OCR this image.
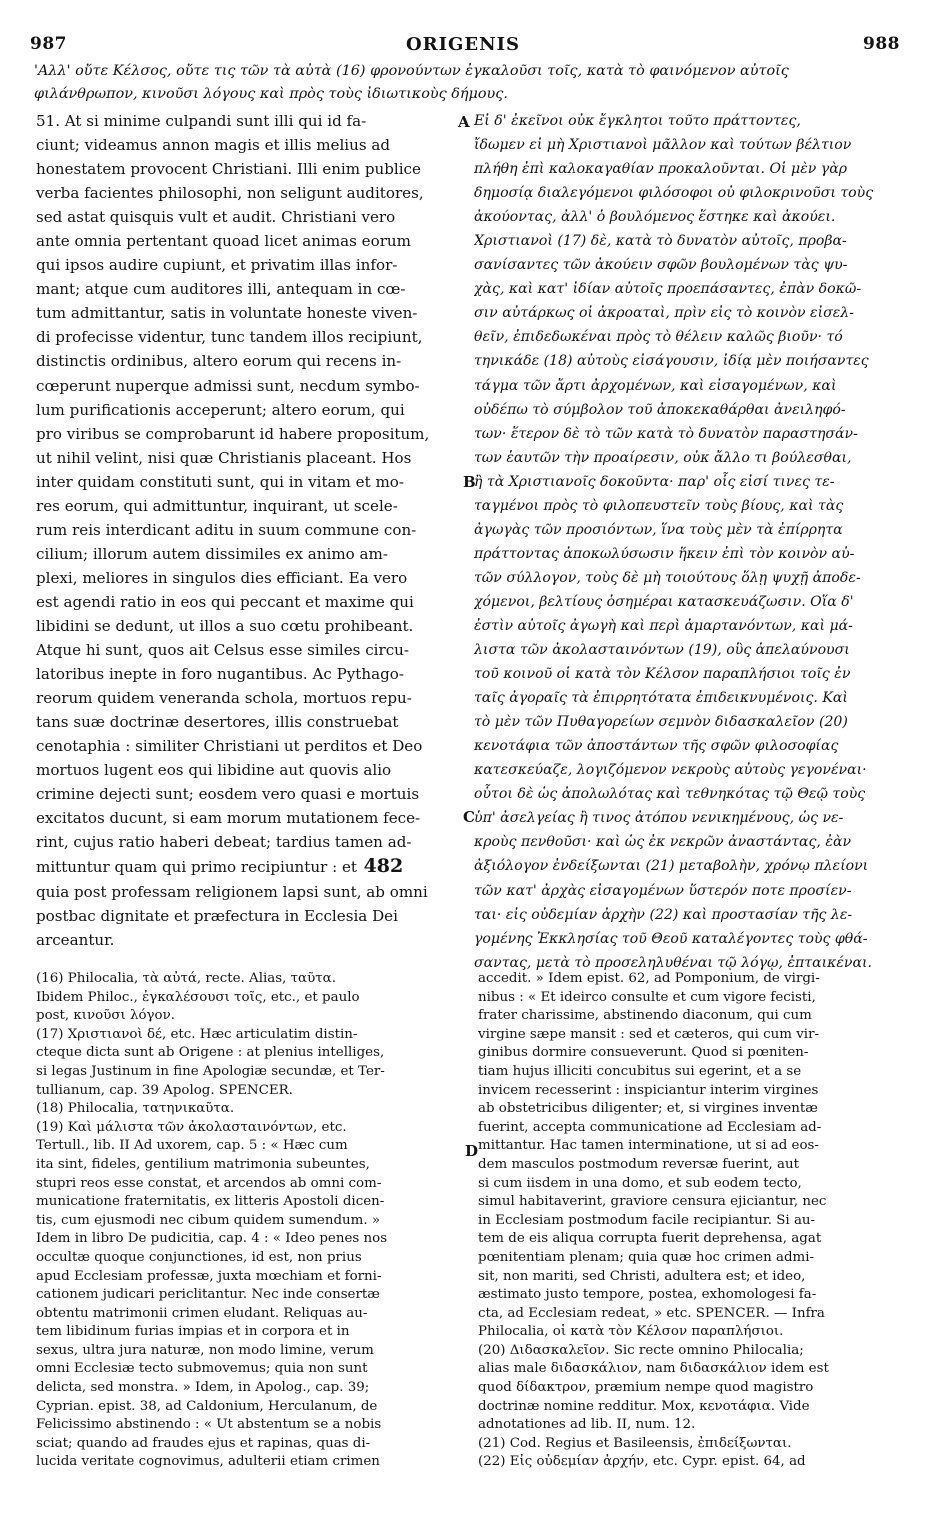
987	ORIGENIS	988
'Αλλ' οὔτε Κέλσος, οὔτε τις τῶν τὰ αὐτὰ (16) φρονούντων ἐγκαλοῦσι τοῖς, κατὰ τὸ φαινόμενον αὐτοῖς
φιλάνθρωπον, κινοῦσι λόγους καὶ πρὸς τοὺς ἰδιωτικοὺς δήμους.
51. At si minime culpandi sunt illi qui id fa-
ciunt; videamus annon magis et illis melius ad
honestatem provocent Christiani. Illi enim publice
verba facientes philosophi, non seligunt auditores,
sed astat quisquis vult et audit. Christiani vero
ante omnia pertentant quoad licet animas eorum
qui ipsos audire cupiunt, et privatim illas infor-
mant; atque cum auditores illi, antequam in cœ-
tum admittantur, satis in voluntate honeste viven-
di profecisse videntur, tunc tandem illos recipiunt,
distinctis ordinibus, altero eorum qui recens in-
cœperunt nuperque admissi sunt, necdum symbo-
lum purificationis acceperunt; altero eorum, qui
pro viribus se comprobarunt id habere propositum,
ut nihil velint, nisi quæ Christianis placeant. Hos
inter quidam constituti sunt, qui in vitam et mo-
res eorum, qui admittuntur, inquirant, ut scele-
rum reis interdicant aditu in suum commune con-
cilium; illorum autem dissimiles ex animo am-
plexi, meliores in singulos dies efficiant. Ea vero
est agendi ratio in eos qui peccant et maxime qui
libidini se dedunt, ut illos a suo cœtu prohibeant.
Atque hi sunt, quos ait Celsus esse similes circu-
latoribus inepte in foro nugantibus. Ac Pythago-
reorum quidem veneranda schola, mortuos repu-
tans suæ doctrinæ desertores, illis construebat
cenotaphia : similiter Christiani ut perditos et Deo
mortuos lugent eos qui libidine aut quovis alio
crimine dejecti sunt; eosdem vero quasi e mortuis
excitatos ducunt, si eam morum mutationem fece-
rint, cujus ratio haberi debeat; tardius tamen ad-
mittuntur quam qui primo recipiuntur : et 482
quia post professam religionem lapsi sunt, ab omni
postbac dignitate et præfectura in Ecclesia Dei
arceantur.
Εἰ δ' ἐκεῖνοι οὐκ ἔγκλητοι τοῦτο πράττοντες,
ἴδωμεν εἰ μὴ Χριστιανοὶ μᾶλλον καὶ τούτων βέλτιον
πλήθη ἐπὶ καλοκαγαθίαν προκαλοῦνται. Οἱ μὲν γὰρ
δημοσίᾳ διαλεγόμενοι φιλόσοφοι οὐ φιλοκρινοῦσι τοὺς
ἀκούοντας, ἀλλ' ὁ βουλόμενος ἕστηκε καὶ ἀκούει.
Χριστιανοὶ (17) δὲ, κατὰ τὸ δυνατὸν αὐτοῖς, προβα-
σανίσαντες τῶν ἀκούειν σφῶν βουλομένων τὰς ψυ-
χὰς, καὶ κατ' ἰδίαν αὐτοῖς προεπάσαντες, ἐπὰν δοκῶ-
σιν αὐτάρκως οἱ ἀκροαταὶ, πρὶν εἰς τὸ κοινὸν εἰσελ-
θεῖν, ἐπιδεδωκέναι πρὸς τὸ θέλειν καλῶς βιοῦν· τό
τηνικάδε (18) αὐτοὺς εἰσάγουσιν, ἰδίᾳ μὲν ποιήσαντες
τάγμα τῶν ἄρτι ἀρχομένων, καὶ εἰσαγομένων, καὶ
οὐδέπω τὸ σύμβολον τοῦ ἀποκεκαθάρθαι ἀνειληφό-
των· ἕτερον δὲ τὸ τῶν κατὰ τὸ δυνατὸν παραστησάν-
των ἑαυτῶν τὴν προαίρεσιν, οὐκ ἄλλο τι βούλεσθαι,
ἢ τὰ Χριστιανοῖς δοκοῦντα· παρ' οἷς εἰσί τινες τε-
ταγμένοι πρὸς τὸ φιλοπευστεῖν τοὺς βίους, καὶ τὰς
ἀγωγὰς τῶν προσιόντων, ἵνα τοὺς μὲν τὰ ἐπίρρητα
πράττοντας ἀποκωλύσωσιν ἥκειν ἐπὶ τὸν κοινὸν αὐ-
τῶν σύλλογον, τοὺς δὲ μὴ τοιούτους ὅλῃ ψυχῇ ἀποδε-
χόμενοι, βελτίους ὁσημέραι κατασκευάζωσιν. Οἵα δ'
ἐστὶν αὐτοῖς ἀγωγὴ καὶ περὶ ἁμαρτανόντων, καὶ μά-
λιστα τῶν ἀκολασταινόντων (19), οὓς ἀπελαύνουσι
τοῦ κοινοῦ οἱ κατὰ τὸν Κέλσον παραπλήσιοι τοῖς ἐν
ταῖς ἀγοραῖς τὰ ἐπιρρητότατα ἐπιδεικνυμένοις. Καὶ
τὸ μὲν τῶν Πυθαγορείων σεμνὸν διδασκαλεῖον (20)
κενοτάφια τῶν ἀποστάντων τῆς σφῶν φιλοσοφίας
κατεσκεύαζε, λογιζόμενον νεκροὺς αὐτοὺς γεγονέναι·
οὗτοι δὲ ὡς ἀπολωλότας καὶ τεθνηκότας τῷ Θεῷ τοὺς
ὑπ' ἀσελγείας ἢ τινος ἀτόπου νενικημένους, ὡς νε-
κροὺς πενθοῦσι· καὶ ὡς ἐκ νεκρῶν ἀναστάντας, ἐὰν
ἀξιόλογον ἐνδείξωνται (21) μεταβολὴν, χρόνῳ πλείονι
τῶν κατ' ἀρχὰς εἰσαγομένων ὕστερόν ποτε προσίεν-
ται· εἰς οὐδεμίαν ἀρχὴν (22) καὶ προστασίαν τῆς λε-
γομένης Ἐκκλησίας τοῦ Θεοῦ καταλέγοντες τοὺς φθά-
σαντας, μετὰ τὸ προσεληλυθέναι τῷ λόγῳ, ἐπταικέναι.
A
B
C
D
(16) Philocalia, τὰ αὐτά, recte. Alias, ταῦτα.
Ibidem Philoc., ἐγκαλέσουσι τοῖς, etc., et paulo
post, κινοῦσι λόγον.
(17) Χριστιανοὶ δέ, etc. Hæc articulatim distin-
cteque dicta sunt ab Origene : at plenius intelliges,
si legas Justinum in fine Apologiæ secundæ, et Ter-
tullianum, cap. 39 Apolog. SPENCER.
(18) Philocalia, τατηνικαῦτα.
(19) Καὶ μάλιστα τῶν ἀκολασταινόντων, etc.
Tertull., lib. II Ad uxorem, cap. 5 : « Hæc cum
ita sint, fideles, gentilium matrimonia subeuntes,
stupri reos esse constat, et arcendos ab omni com-
municatione fraternitatis, ex litteris Apostoli dicen-
tis, cum ejusmodi nec cibum quidem sumendum. »
Idem in libro De pudicitia, cap. 4 : « Ideo penes nos
occultæ quoque conjunctiones, id est, non prius
apud Ecclesiam professæ, juxta mœchiam et forni-
cationem judicari periclitantur. Nec inde consertæ
obtentu matrimonii crimen eludant. Reliquas au-
tem libidinum furias impias et in corpora et in
sexus, ultra jura naturæ, non modo limine, verum
omni Ecclesiæ tecto submovemus; quia non sunt
delicta, sed monstra. » Idem, in Apolog., cap. 39;
Cyprian. epist. 38, ad Caldonium, Herculanum, de
Felicissimo abstinendo : « Ut abstentum se a nobis
sciat; quando ad fraudes ejus et rapinas, quas di-
lucida veritate cognovimus, adulterii etiam crimen
accedit. » Idem epist. 62, ad Pomponium, de virgi-
nibus : « Et ideirco consulte et cum vigore fecisti,
frater charissime, abstinendo diaconum, qui cum
virgine sæpe mansit : sed et cæteros, qui cum vir-
ginibus dormire consueverunt. Quod si pœniten-
tiam hujus illiciti concubitus sui egerint, et a se
invicem recesserint : inspiciantur interim virgines
ab obstetricibus diligenter; et, si virgines inventæ
fuerint, accepta communicatione ad Ecclesiam ad-
mittantur. Hac tamen interminatione, ut si ad eos-
dem masculos postmodum reversæ fuerint, aut
si cum iisdem in una domo, et sub eodem tecto,
simul habitaverint, graviore censura ejiciantur, nec
in Ecclesiam postmodum facile recipiantur. Si au-
tem de eis aliqua corrupta fuerit deprehensa, agat
pœnitentiam plenam; quia quæ hoc crimen admi-
sit, non mariti, sed Christi, adultera est; et ideo,
æstimato justo tempore, postea, exhomologesi fa-
cta, ad Ecclesiam redeat, » etc. SPENCER. — Infra
Philocalia, οἱ κατὰ τὸν Κέλσον παραπλήσιοι.
(20) Διδασκαλεῖον. Sic recte omnino Philocalia;
alias male διδασκάλιον, nam διδασκάλιον idem est
quod δίδακτρον, præmium nempe quod magistro
doctrinæ nomine redditur. Mox, κενοτάφια. Vide
adnotationes ad lib. II, num. 12.
(21) Cod. Regius et Basileensis, ἐπιδείξωνται.
(22) Εἰς οὐδεμίαν ἀρχήν, etc. Cypr. epist. 64, ad
